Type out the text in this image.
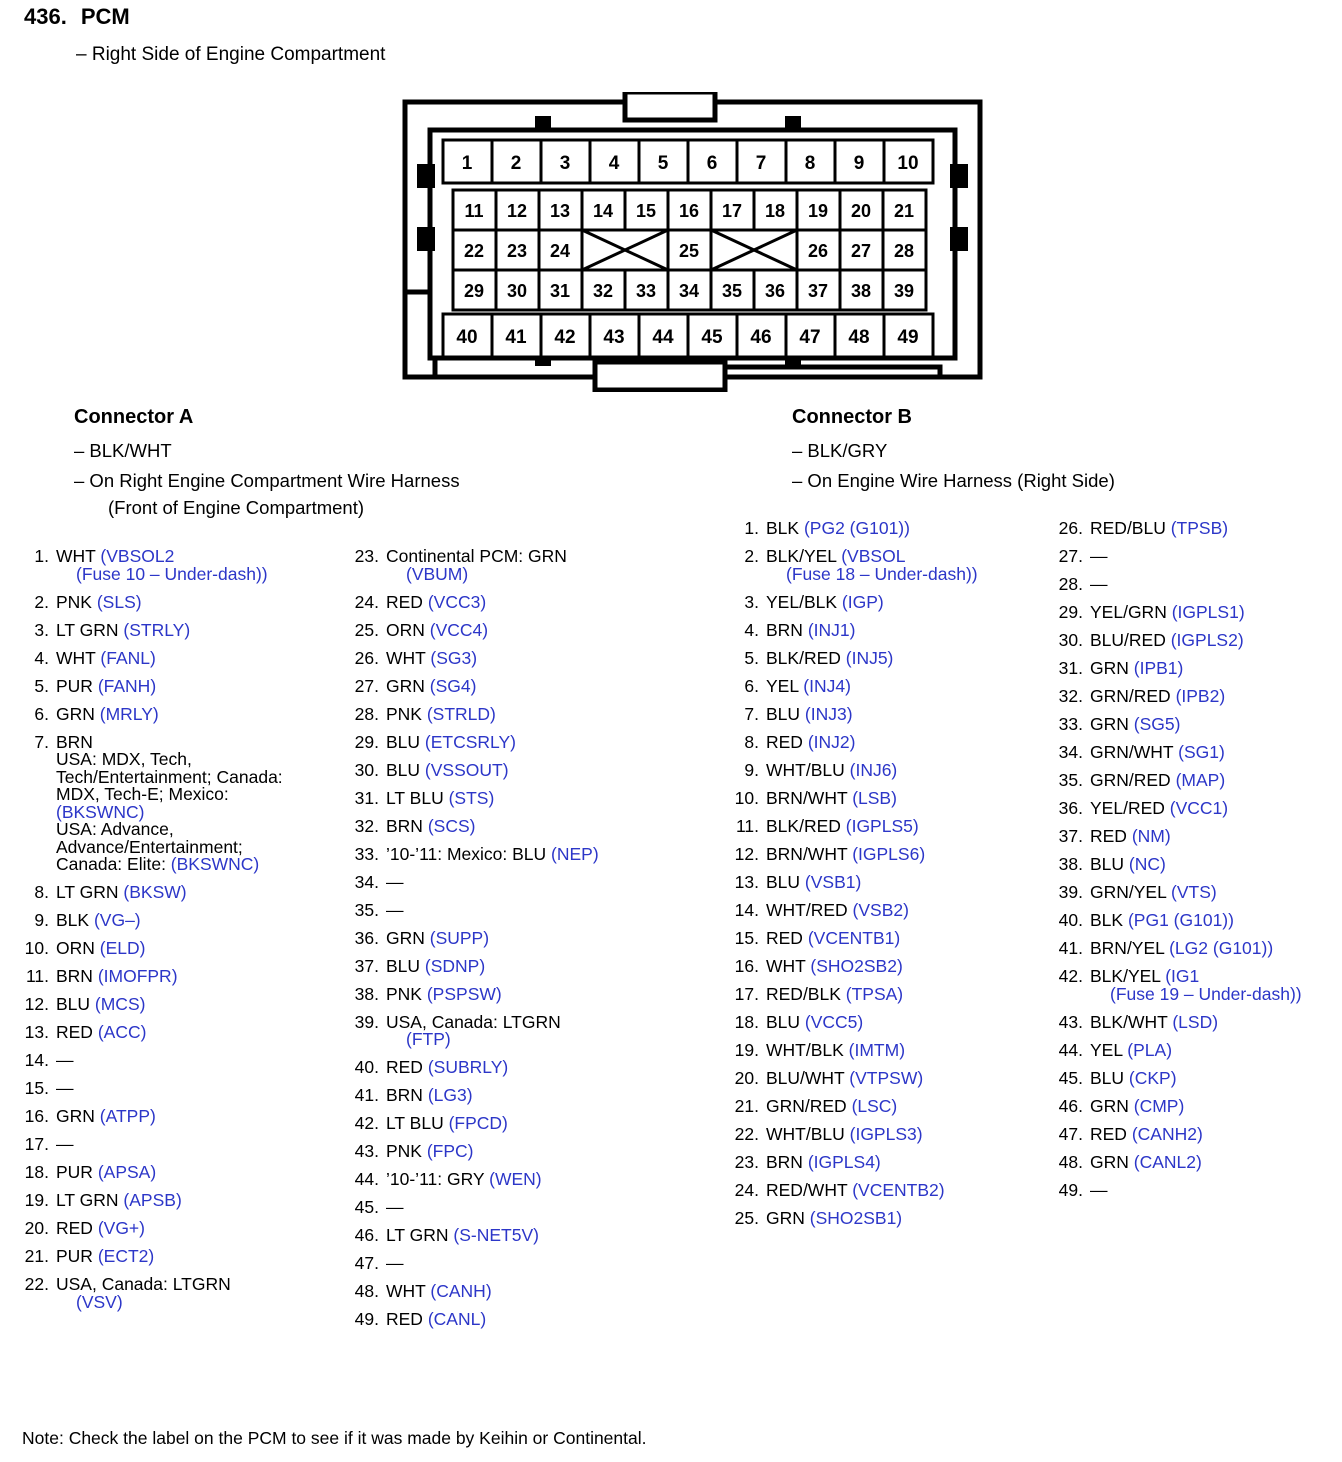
436. PCM
– Right Side of Engine Compartment
1 2 3 4 5 6 7 8 9 10
11 12 13 14 15 16 17 18 19 20 21
22 23 24	25	26 27 28
29 30 31 32 33 34 35 36 37 38 39
40 41 42 43 44 45 46 47 48 49
Connector A
– BLK/WHT
– On Right Engine Compartment Wire Harness
(Front of Engine Compartment)
Connector B
– BLK/GRY
– On Engine Wire Harness (Right Side)
1. WHT (VBSOL2
(Fuse 10 – Under-dash))
2. PNK (SLS)
3. LT GRN (STRLY)
4. WHT (FANL)
5. PUR (FANH)
6. GRN (MRLY)
7. BRN
USA: MDX, Tech,
Tech/Entertainment; Canada:
MDX, Tech-E; Mexico:
(BKSWNC)
USA: Advance,
Advance/Entertainment;
Canada: Elite: (BKSWNC)
8. LT GRN (BKSW)
9. BLK (VG–)
10. ORN (ELD)
11. BRN (IMOFPR)
12. BLU (MCS)
13. RED (ACC)
14. —
15. —
16. GRN (ATPP)
17. —
18. PUR (APSA)
19. LT GRN (APSB)
20. RED (VG+)
21. PUR (ECT2)
22. USA, Canada: LTGRN
(VSV)
23. Continental PCM: GRN
(VBUM)
24. RED (VCC3)
25. ORN (VCC4)
26. WHT (SG3)
27. GRN (SG4)
28. PNK (STRLD)
29. BLU (ETCSRLY)
30. BLU (VSSOUT)
31. LT BLU (STS)
32. BRN (SCS)
33. ’10-’11: Mexico: BLU (NEP)
34. —
35. —
36. GRN (SUPP)
37. BLU (SDNP)
38. PNK (PSPSW)
39. USA, Canada: LTGRN
(FTP)
40. RED (SUBRLY)
41. BRN (LG3)
42. LT BLU (FPCD)
43. PNK (FPC)
44. ’10-’11: GRY (WEN)
45. —
46. LT GRN (S-NET5V)
47. —
48. WHT (CANH)
49. RED (CANL)
1. BLK (PG2 (G101))
2. BLK/YEL (VBSOL
(Fuse 18 – Under-dash))
3. YEL/BLK (IGP)
4. BRN (INJ1)
5. BLK/RED (INJ5)
6. YEL (INJ4)
7. BLU (INJ3)
8. RED (INJ2)
9. WHT/BLU (INJ6)
10. BRN/WHT (LSB)
11. BLK/RED (IGPLS5)
12. BRN/WHT (IGPLS6)
13. BLU (VSB1)
14. WHT/RED (VSB2)
15. RED (VCENTB1)
16. WHT (SHO2SB2)
17. RED/BLK (TPSA)
18. BLU (VCC5)
19. WHT/BLK (IMTM)
20. BLU/WHT (VTPSW)
21. GRN/RED (LSC)
22. WHT/BLU (IGPLS3)
23. BRN (IGPLS4)
24. RED/WHT (VCENTB2)
25. GRN (SHO2SB1)
26. RED/BLU (TPSB)
27. —
28. —
29. YEL/GRN (IGPLS1)
30. BLU/RED (IGPLS2)
31. GRN (IPB1)
32. GRN/RED (IPB2)
33. GRN (SG5)
34. GRN/WHT (SG1)
35. GRN/RED (MAP)
36. YEL/RED (VCC1)
37. RED (NM)
38. BLU (NC)
39. GRN/YEL (VTS)
40. BLK (PG1 (G101))
41. BRN/YEL (LG2 (G101))
42. BLK/YEL (IG1
(Fuse 19 – Under-dash))
43. BLK/WHT (LSD)
44. YEL (PLA)
45. BLU (CKP)
46. GRN (CMP)
47. RED (CANH2)
48. GRN (CANL2)
49. —
Note: Check the label on the PCM to see if it was made by Keihin or Continental.
